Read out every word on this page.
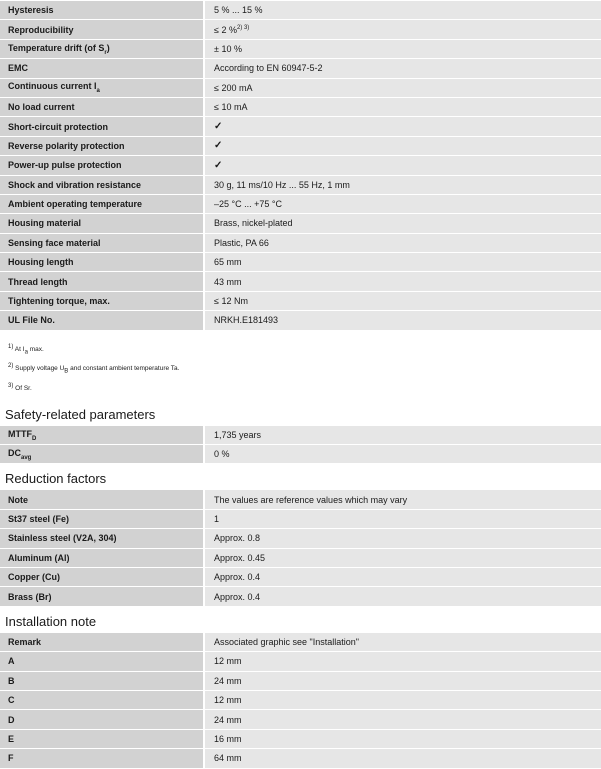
Hysteresis	5 % ... 15 %
Reproducibility	≤ 2 %$^{2) 3)}$
Temperature drift (of $S_r$)	± 10 %
EMC	According to EN 60947-5-2
Continuous current $I_a$	≤ 200 mA
No load current	≤ 10 mA
Short-circuit protection	✓
Reverse polarity protection	✓
Power-up pulse protection	✓
Shock and vibration resistance	30 g, 11 ms/10 Hz ... 55 Hz, 1 mm
Ambient operating temperature	–25 °C ... +75 °C
Housing material	Brass, nickel-plated
Sensing face material	Plastic, PA 66
Housing length	65 mm
Thread length	43 mm
Tightening torque, max.	≤ 12 Nm
UL File No.	NRKH.E181493
$^{1)}$ At $I_a$ max.
$^{2)}$ Supply voltage $U_B$ and constant ambient temperature Ta.
$^{3)}$ Of Sr.
Safety-related parameters
$MTTF_D$	1,735 years
$DC_{avg}$	0 %
Reduction factors
Note	The values are reference values which may vary
St37 steel (Fe)	1
Stainless steel (V2A, 304)	Approx. 0.8
Aluminum (Al)	Approx. 0.45
Copper (Cu)	Approx. 0.4
Brass (Br)	Approx. 0.4
Installation note
Remark	Associated graphic see "Installation"
A	12 mm
B	24 mm
C	12 mm
D	24 mm
E	16 mm
F	64 mm
